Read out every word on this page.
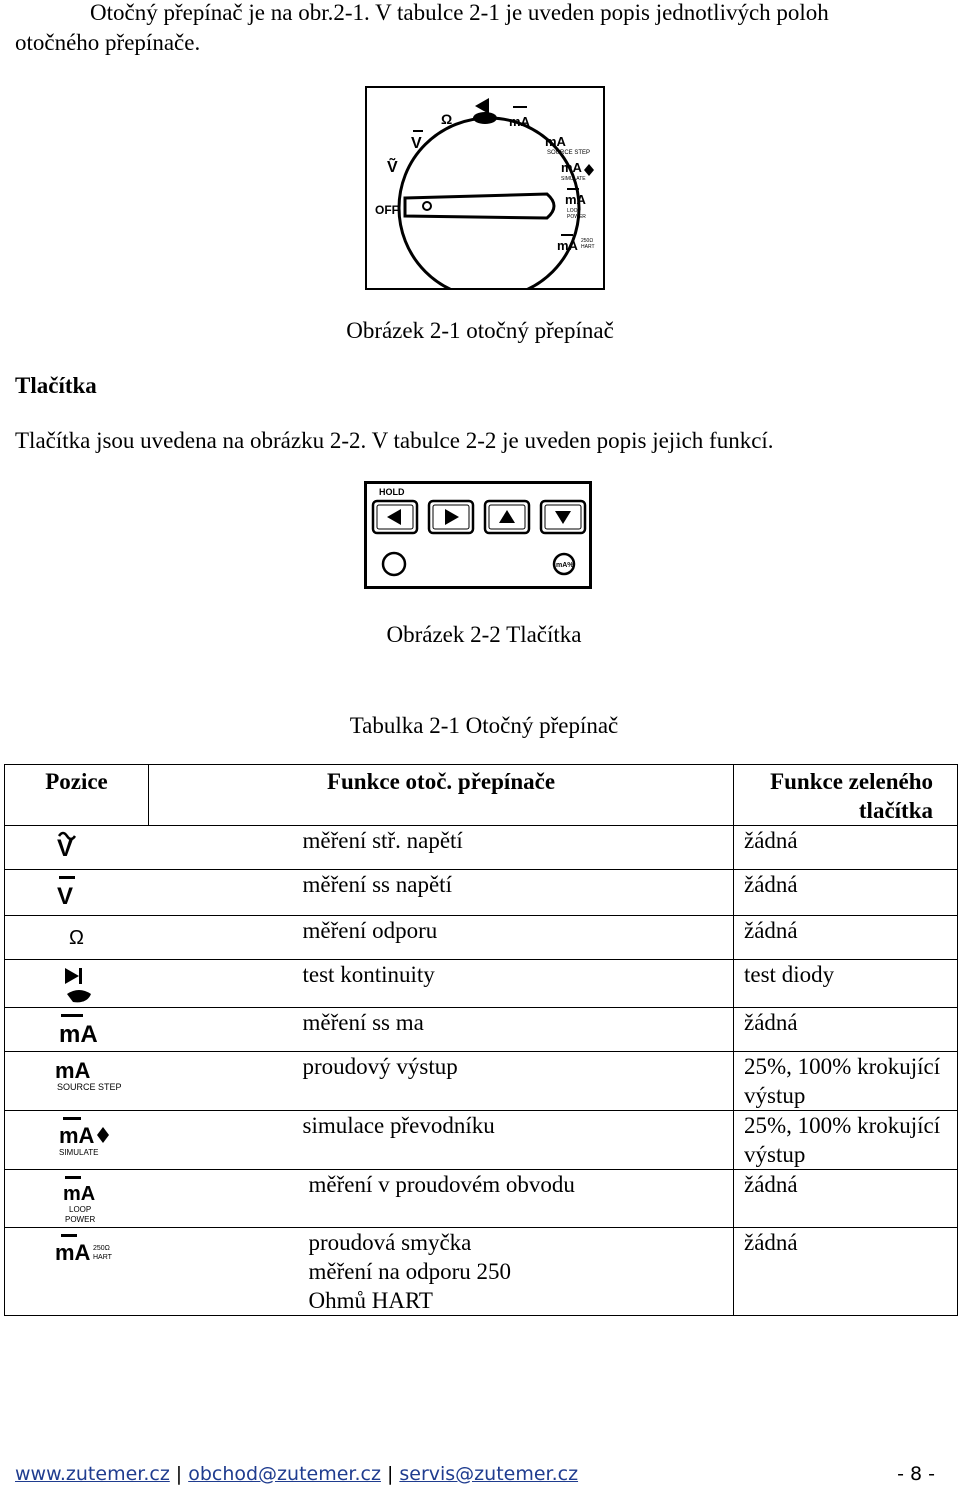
Otočný přepínač je na obr.2-1. V tabulce 2-1 je uveden popis jednotlivých poloh
otočného přepínače.
OFF
Ṽ
V
Ω	mA
mA
SOURCE STEP
mA
SIMULATE
mA
LOOP
POWER
mA 250Ω
HART
Obrázek 2-1 otočný přepínač
Tlačítka
Tlačítka jsou uvedena na obrázku 2-2. V tabulce 2-2 je uveden popis jejich funkcí.
HOLD
mA%
Obrázek 2-2 Tlačítka
Tabulka 2-1 Otočný přepínač
Pozice	Funkce otoč. přepínače	Funkce zeleného tlačítka

V	měření stř. napětí	žádná

V	měření ss napětí	žádná

Ω	měření odporu	žádná

	test kontinuity	test diody

mA	měření ss ma	žádná

mA
SOURCE STEP	proudový výstup	25%, 100% krokující výstup

mA
SIMULATE	simulace převodníku	25%, 100% krokující výstup

mA
LOOP
POWER	měření v proudovém obvodu	žádná

mA 250Ω
HART	proudová smyčka měření na odporu 250 Ohmů HART	žádná
www.zutemer.cz | obchod@zutemer.cz | servis@zutemer.cz	- 8 -
